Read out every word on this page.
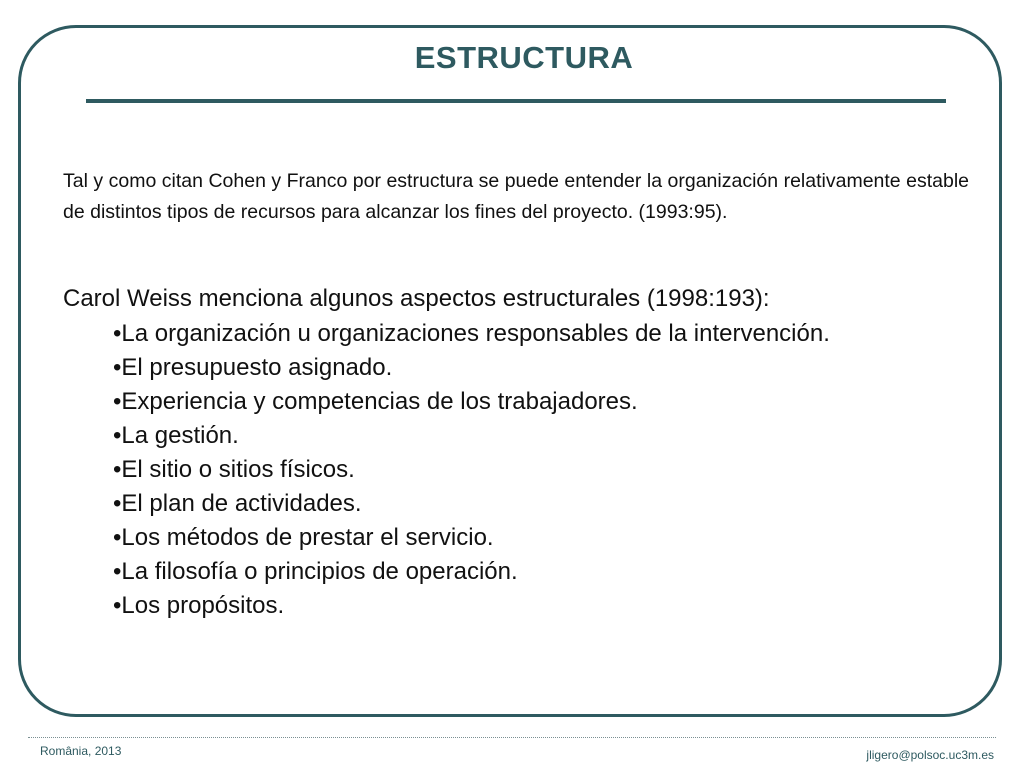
ESTRUCTURA

Tal y como citan Cohen y Franco por estructura se puede entender la organización relativamente estable de distintos tipos de recursos para alcanzar los fines del proyecto. (1993:95).

Carol Weiss menciona algunos aspectos estructurales (1998:193):

•La organización u organizaciones responsables de la intervención.
•El presupuesto asignado.
•Experiencia y competencias de los trabajadores.
•La gestión.
•El sitio o sitios físicos.
•El plan de actividades.
•Los métodos de prestar el servicio.
•La filosofía o principios de operación.
•Los propósitos.
România, 2013	jligero@polsoc.uc3m.es
